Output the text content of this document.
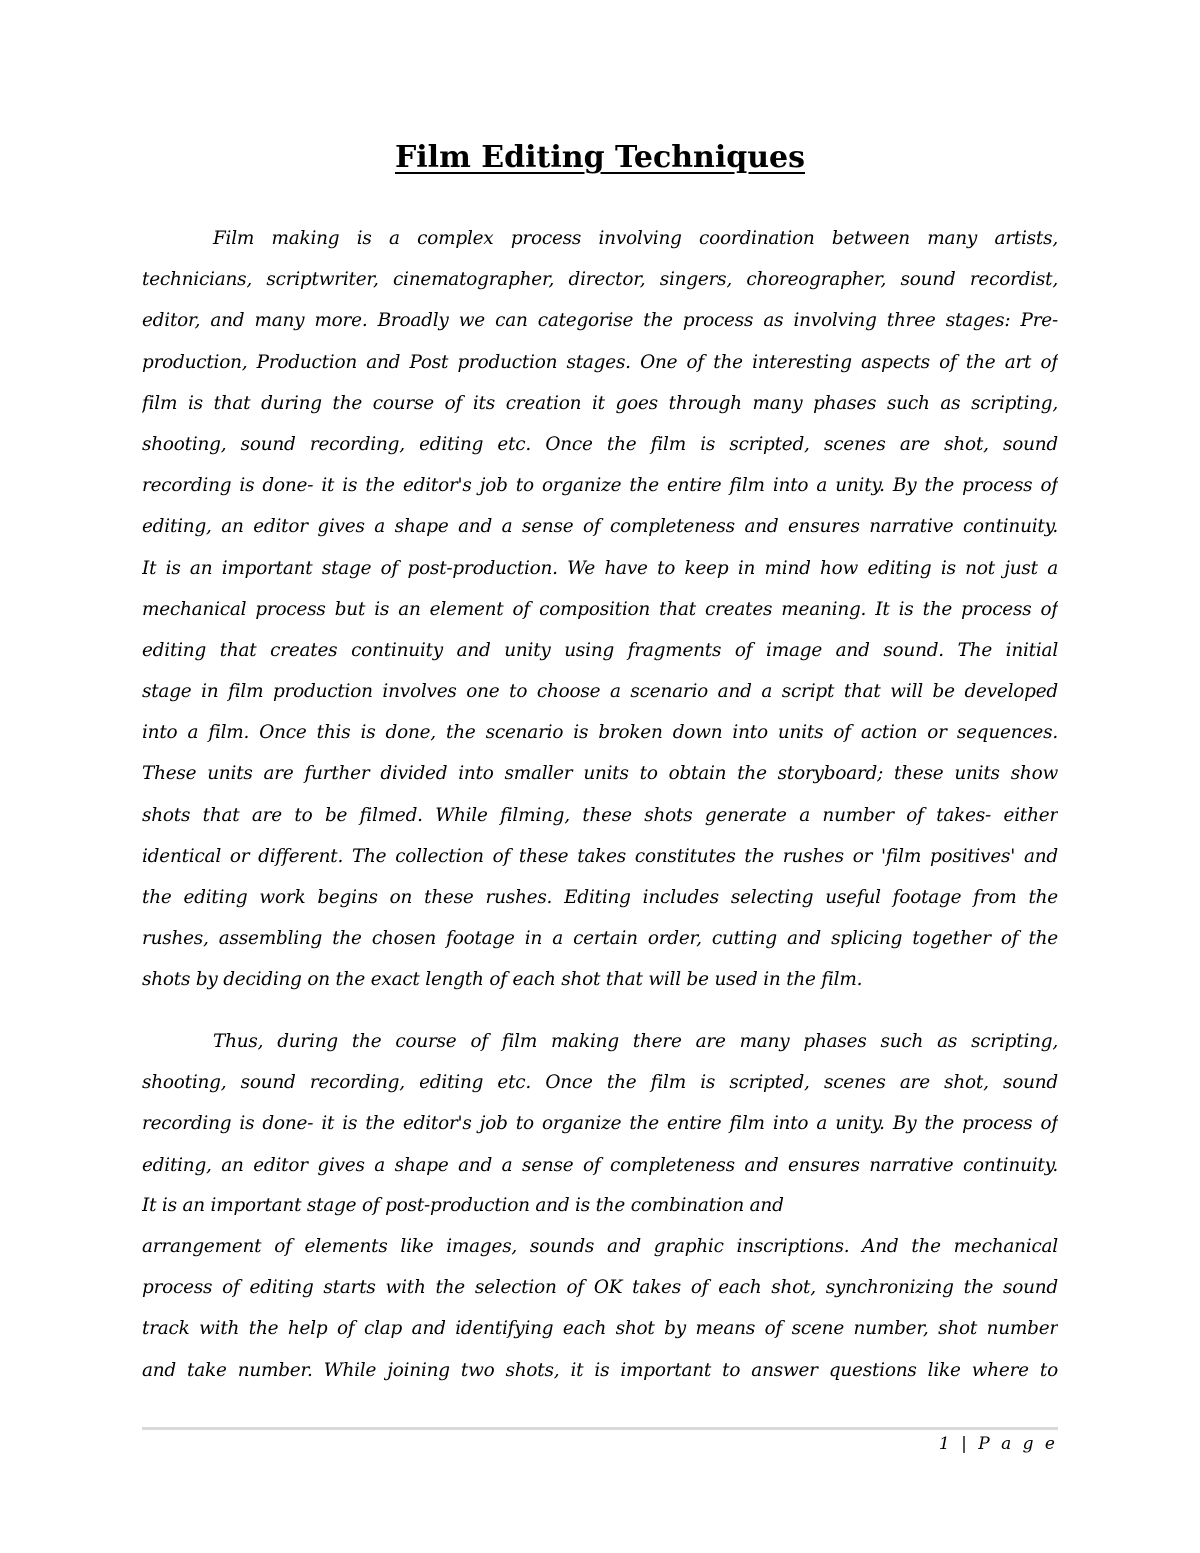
Film Editing Techniques
Film making is a complex process involving coordination between many artists,
technicians, scriptwriter, cinematographer, director, singers, choreographer, sound recordist,
editor, and many more. Broadly we can categorise the process as involving three stages: Pre-
production, Production and Post production stages. One of the interesting aspects of the art of
film is that during the course of its creation it goes through many phases such as scripting,
shooting, sound recording, editing etc. Once the film is scripted, scenes are shot, sound
recording is done- it is the editor's job to organize the entire film into a unity. By the process of
editing, an editor gives a shape and a sense of completeness and ensures narrative continuity.
It is an important stage of post-production. We have to keep in mind how editing is not just a
mechanical process but is an element of composition that creates meaning. It is the process of
editing that creates continuity and unity using fragments of image and sound. The initial
stage in film production involves one to choose a scenario and a script that will be developed
into a film. Once this is done, the scenario is broken down into units of action or sequences.
These units are further divided into smaller units to obtain the storyboard; these units show
shots that are to be filmed. While filming, these shots generate a number of takes- either
identical or different. The collection of these takes constitutes the rushes or 'film positives' and
the editing work begins on these rushes. Editing includes selecting useful footage from the
rushes, assembling the chosen footage in a certain order, cutting and splicing together of the
shots by deciding on the exact length of each shot that will be used in the film.
Thus, during the course of film making there are many phases such as scripting,
shooting, sound recording, editing etc. Once the film is scripted, scenes are shot, sound
recording is done- it is the editor's job to organize the entire film into a unity. By the process of
editing, an editor gives a shape and a sense of completeness and ensures narrative continuity.
It is an important stage of post-production and is the combination and
arrangement of elements like images, sounds and graphic inscriptions. And the mechanical
process of editing starts with the selection of OK takes of each shot, synchronizing the sound
track with the help of clap and identifying each shot by means of scene number, shot number
and take number. While joining two shots, it is important to answer questions like where to
1 | P a g e
